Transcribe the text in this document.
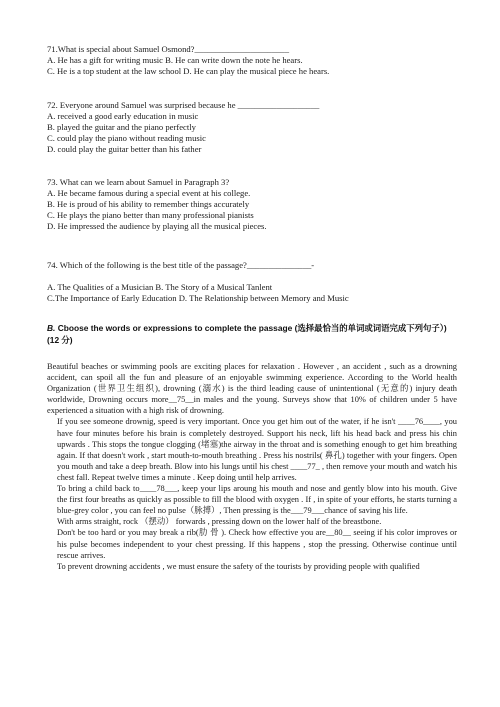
71.What is special about Samuel Osmond?______________________
A. He has a gift for writing music B. He can write down the note he hears.
C. He is a top student at the law school D. He can play the musical piece he hears.
72. Everyone around Samuel was surprised because he ___________________
A. received a good early education in music
B. played the guitar and the piano perfectly
C. could play the piano without reading music
D. could play the guitar better than his father
73. What can we learn about Samuel in Paragraph 3?
A. He became famous during a special event at his college.
B. He is proud of his ability to remember things accurately
C. He plays the piano better than many professional pianists
D. He impressed the audience by playing all the musical pieces.
74. Which of the following is the best title of the passage?_______________-
A. The Qualities of a Musician B. The Story of a Musical Tanlent
C.The Importance of Early Education D. The Relationship between Memory and Music
B. Cboose the words or expressions to complete the passage (选择最恰当的单词或词语完成下列句子）)
(12 分)

Beautiful beaches or swimming pools are exciting places for relaxation . However , an accident , such as a drowning accident, can spoil all the fun and pleasure of an enjoyable swimming experience. According to the World health Organization (世界卫生组织), drowning (溺水) is the third leading cause of unintentional (无意的) injury death worldwide, Drowning occurs more__75__in males and the young. Surveys show that 10% of children under 5 have experienced a situation with a high risk of drowning.

If you see someone drownig, speed is very important. Once you get him out of the water, if he isn't ____76____, you have four minutes before his brain is completely destroyed. Support his neck, lift his head back and press his chin upwards . This stops the tongue clogging (堵塞)the airway in the throat and is something enough to get him breathing again. If that doesn't work , start mouth-to-mouth breathing . Press his nostrils( 鼻孔) together with your fingers. Open you mouth and take a deep breath. Blow into his lungs until his chest ____77_ , then remove your mouth and watch his chest fall. Repeat twelve times a minute . Keep doing until help arrives.

To bring a child back to____78___, keep your lips aroung his mouth and nose and gently blow into his mouth. Give the first four breaths as quickly as possible to fill the blood with oxygen . If , in spite of your efforts, he starts turning a blue-grey color , you can feel no pulse（脉搏）, Then pressing is the___79___chance of saving his life.

With arms straight, rock （摆动） forwards , pressing down on the lower half of the breastbone.

Don't be too hard or you may break a rib(肋 骨 ). Check how effective you are__80__ seeing if his color improves or his pulse becomes independent to your chest pressing. If this happens , stop the pressing. Otherwise continue until rescue arrives.

To prevent drowning accidents , we must ensure the safety of the tourists by providing people with qualified
